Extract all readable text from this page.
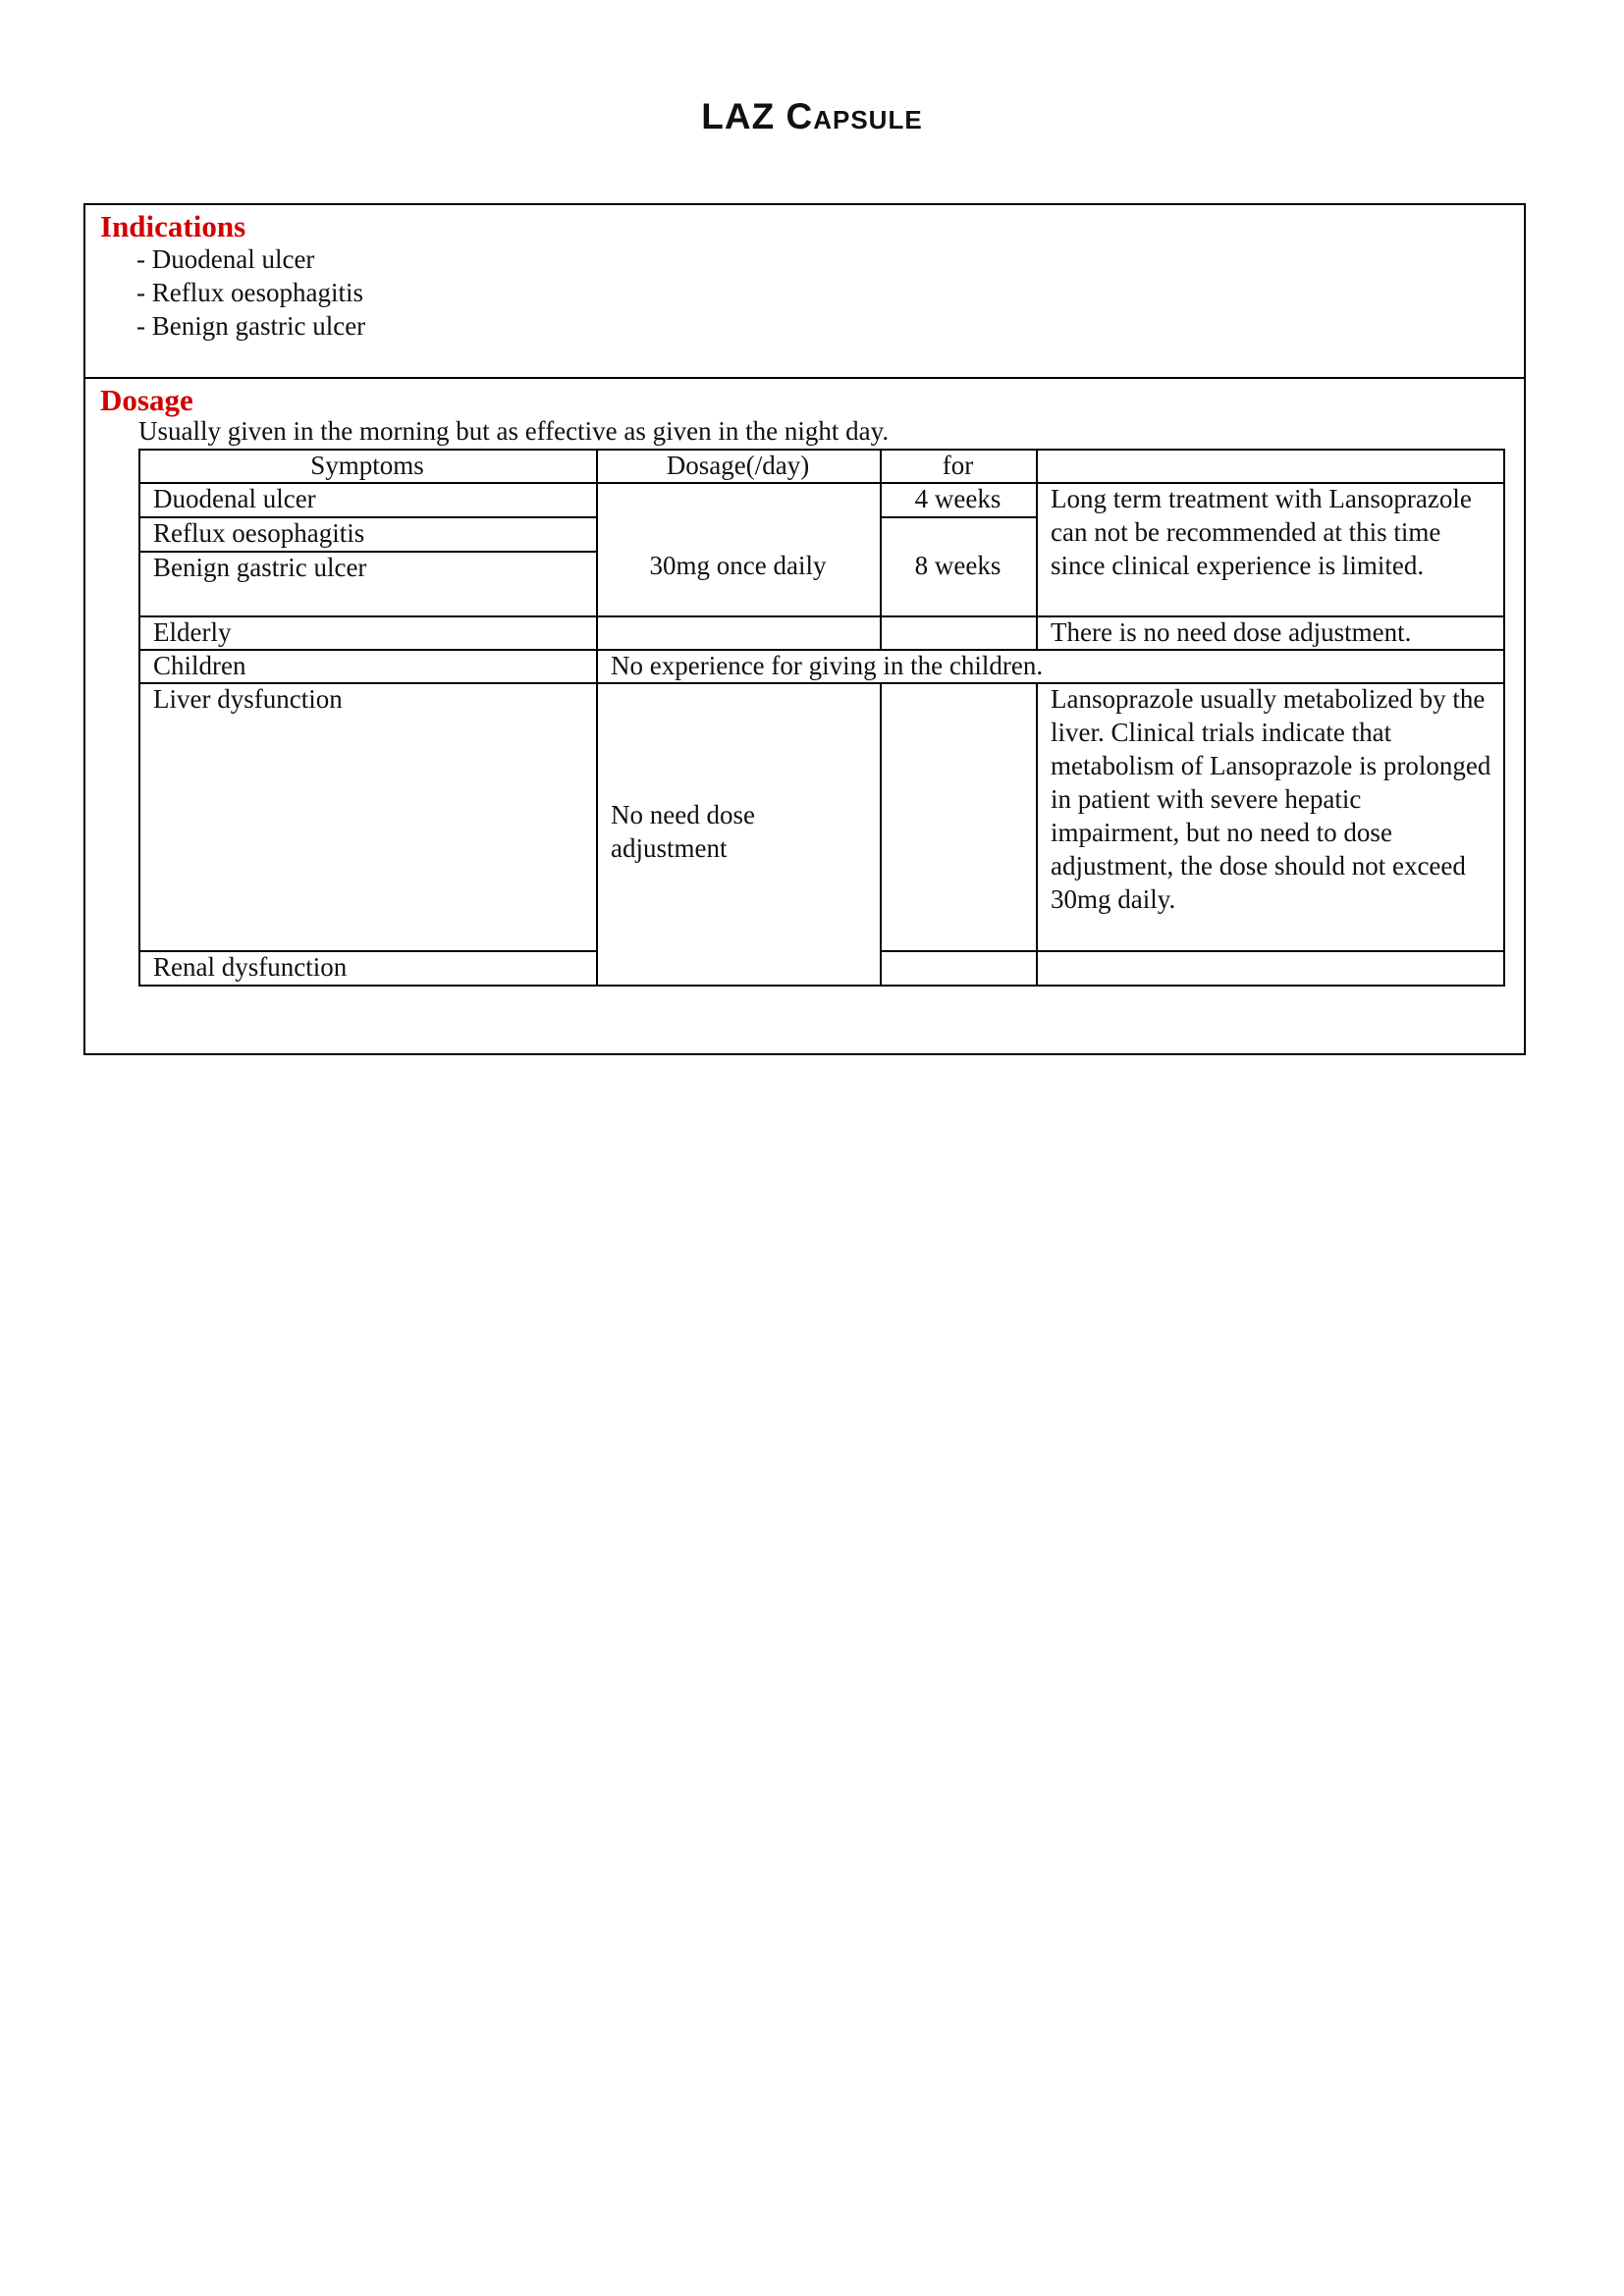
LAZ Capsule
Indications
- Duodenal ulcer
- Reflux oesophagitis
- Benign gastric ulcer
Dosage
Usually given in the morning but as effective as given in the night day.
Symptoms	Dosage(/day)	for
Duodenal ulcer
Reflux oesophagitis
Benign gastric ulcer
Elderly
Children
Liver dysfunction
Renal dysfunction
30mg once daily
4 weeks
8 weeks
Long term treatment with Lansoprazole can not be recommended at this time since clinical experience is limited.
There is no need dose adjustment.
No experience for giving in the children.
No need dose adjustment
Lansoprazole usually metabolized by the liver. Clinical trials indicate that metabolism of Lansoprazole is prolonged in patient with severe hepatic impairment, but no need to dose adjustment, the dose should not exceed 30mg daily.
